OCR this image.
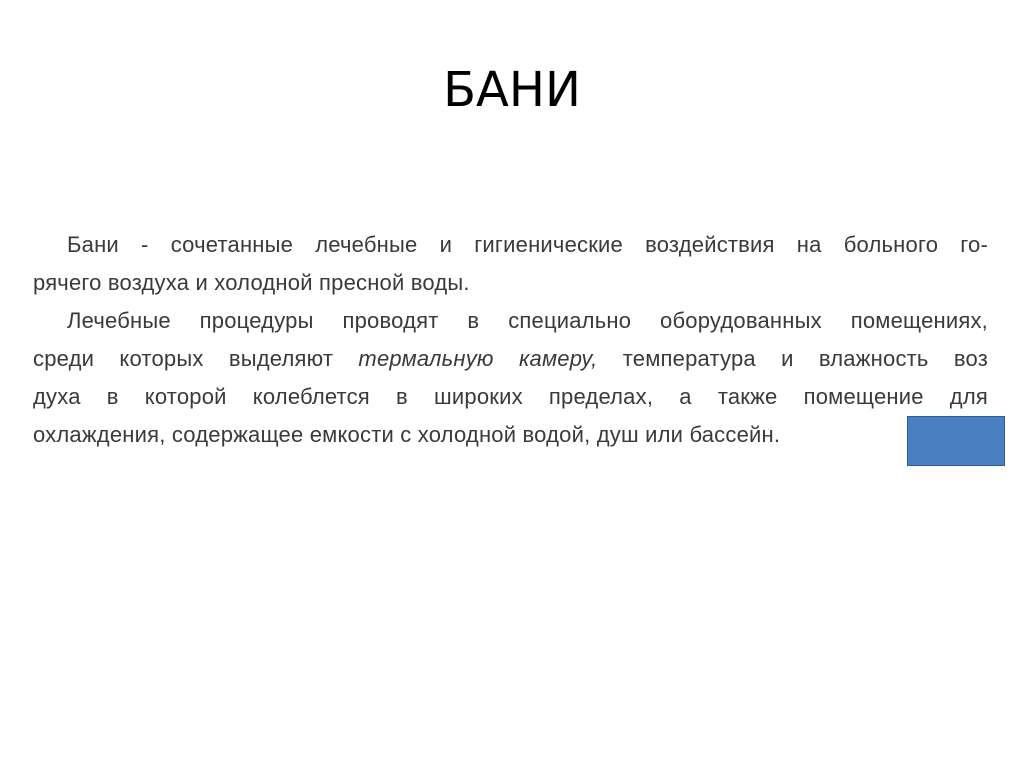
БАНИ
Бани - сочетанные лечебные и гигиенические воздействия на больного го-
рячего воздуха и холодной пресной воды.
Лечебные процедуры проводят в специально оборудованных помещениях,
среди которых выделяют термальную камеру, температура и влажность воз
духа в которой колеблется в широких пределах, а также помещение для
охлаждения, содержащее емкости с холодной водой, душ или бассейн.
